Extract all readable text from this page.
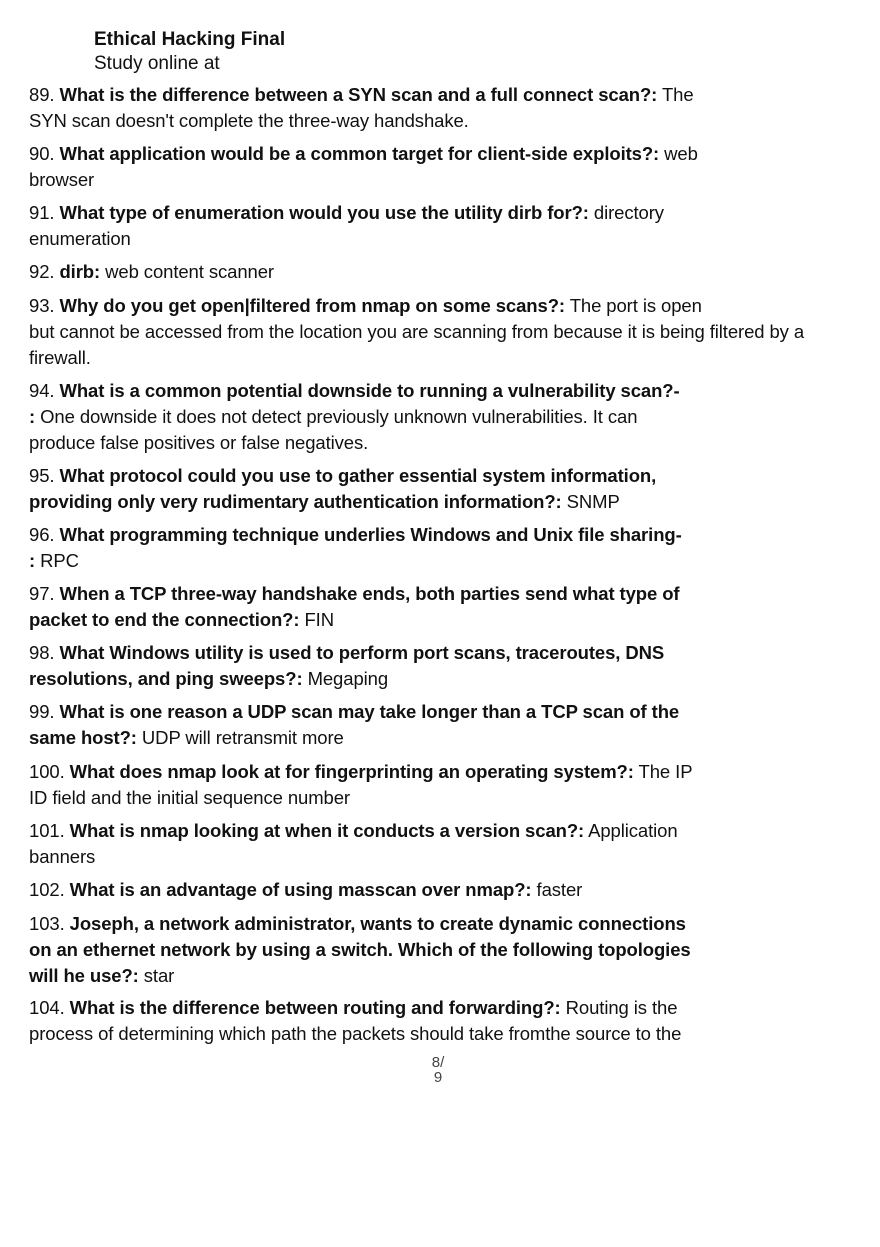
Ethical Hacking Final
Study online at
89. What is the difference between a SYN scan and a full connect scan?: The
SYN scan doesn't complete the three-way handshake.
90. What application would be a common target for client-side exploits?: web
browser
91. What type of enumeration would you use the utility dirb for?: directory
enumeration
92. dirb: web content scanner
93. Why do you get open|filtered from nmap on some scans?: The port is open
but cannot be accessed from the location you are scanning from because it is being filtered by a
firewall.
94. What is a common potential downside to running a vulnerability scan?-
: One downside it does not detect previously unknown vulnerabilities. It can
produce false positives or false negatives.
95. What protocol could you use to gather essential system information,
providing only very rudimentary authentication information?: SNMP
96. What programming technique underlies Windows and Unix file sharing-
: RPC
97. When a TCP three-way handshake ends, both parties send what type of
packet to end the connection?: FIN
98. What Windows utility is used to perform port scans, traceroutes, DNS
resolutions, and ping sweeps?: Megaping
99. What is one reason a UDP scan may take longer than a TCP scan of the
same host?: UDP will retransmit more
100. What does nmap look at for fingerprinting an operating system?: The IP
ID field and the initial sequence number
101. What is nmap looking at when it conducts a version scan?: Application
banners
102. What is an advantage of using masscan over nmap?: faster
103. Joseph, a network administrator, wants to create dynamic connections
on an ethernet network by using a switch. Which of the following topologies
will he use?: star
104. What is the difference between routing and forwarding?: Routing is the
process of determining which path the packets should take fromthe source to the
8/
9
